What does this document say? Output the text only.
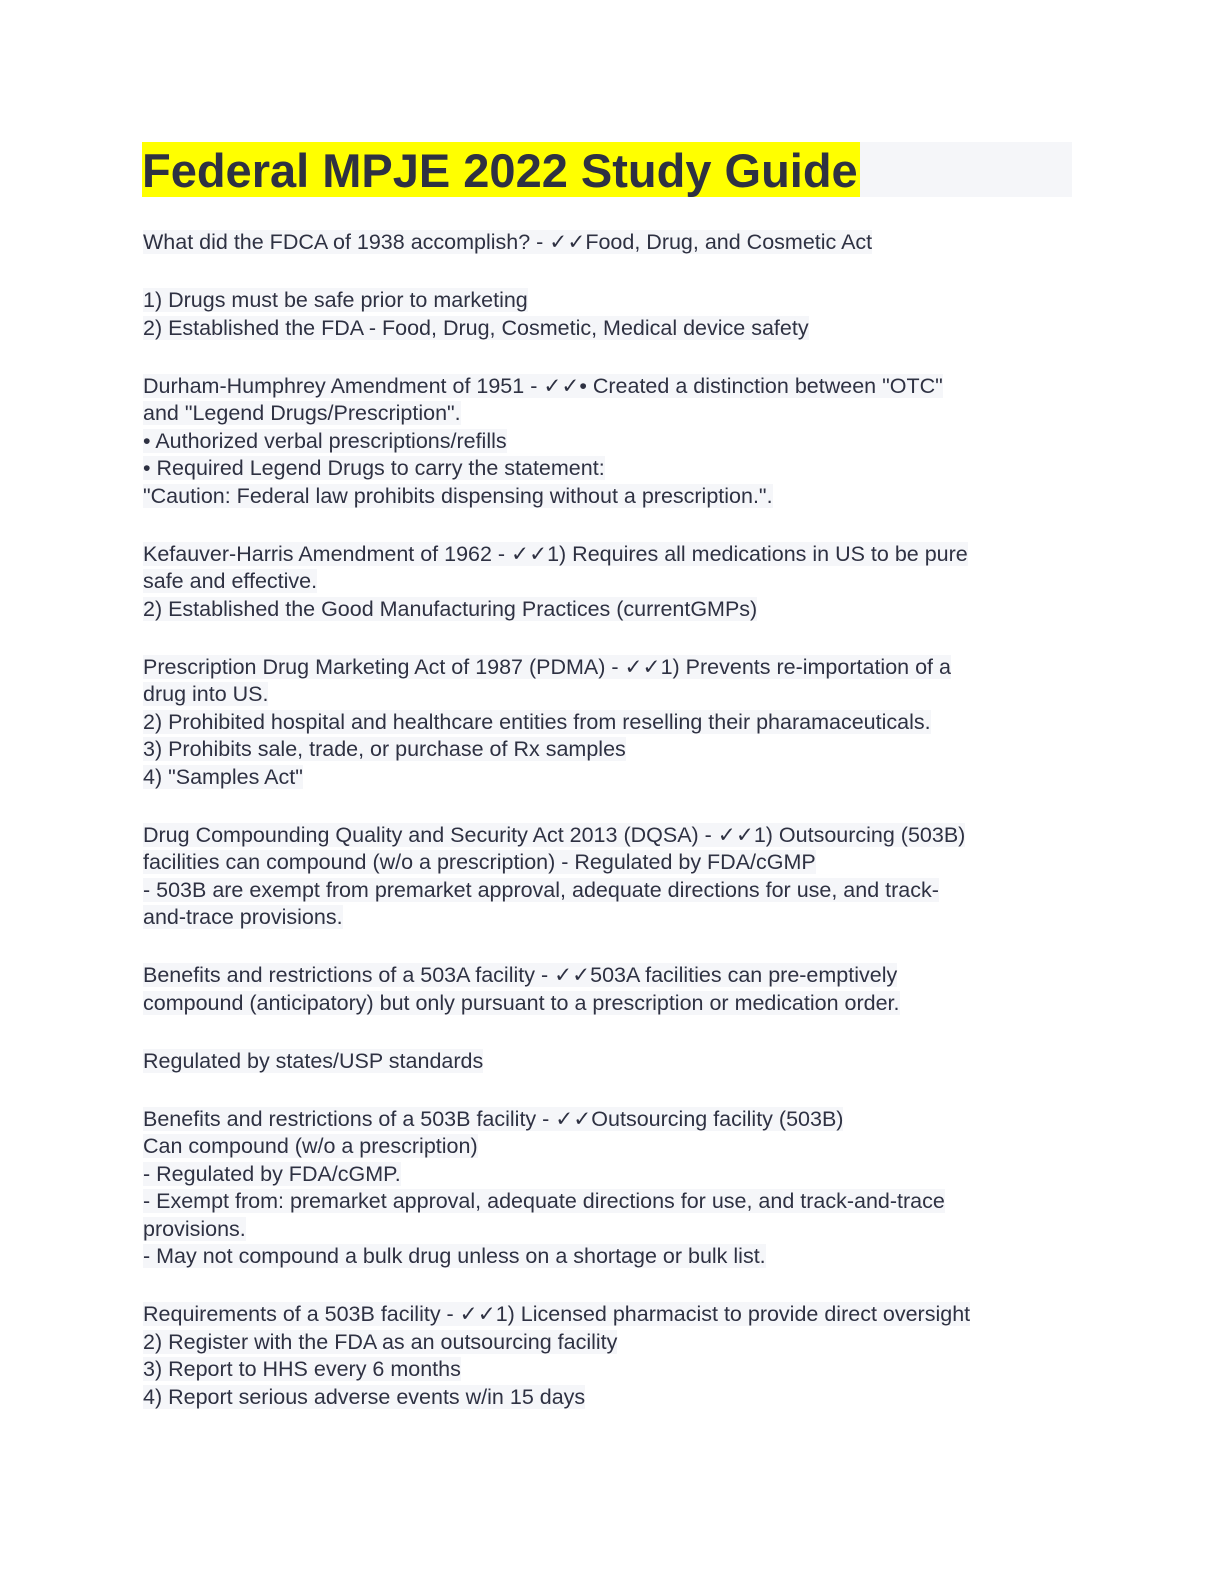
Federal MPJE 2022 Study Guide
What did the FDCA of 1938 accomplish? - ✓✓Food, Drug, and Cosmetic Act
1) Drugs must be safe prior to marketing
2) Established the FDA - Food, Drug, Cosmetic, Medical device safety
Durham-Humphrey Amendment of 1951 - ✓✓• Created a distinction between "OTC"
and "Legend Drugs/Prescription".
• Authorized verbal prescriptions/refills
• Required Legend Drugs to carry the statement:
"Caution: Federal law prohibits dispensing without a prescription.".
Kefauver-Harris Amendment of 1962 - ✓✓1) Requires all medications in US to be pure
safe and effective.
2) Established the Good Manufacturing Practices (currentGMPs)
Prescription Drug Marketing Act of 1987 (PDMA) - ✓✓1) Prevents re-importation of a
drug into US.
2) Prohibited hospital and healthcare entities from reselling their pharamaceuticals.
3) Prohibits sale, trade, or purchase of Rx samples
4) "Samples Act"
Drug Compounding Quality and Security Act 2013 (DQSA) - ✓✓1) Outsourcing (503B)
facilities can compound (w/o a prescription) - Regulated by FDA/cGMP
- 503B are exempt from premarket approval, adequate directions for use, and track-
and-trace provisions.
Benefits and restrictions of a 503A facility - ✓✓503A facilities can pre-emptively
compound (anticipatory) but only pursuant to a prescription or medication order.
Regulated by states/USP standards
Benefits and restrictions of a 503B facility - ✓✓Outsourcing facility (503B)
Can compound (w/o a prescription)
- Regulated by FDA/cGMP.
- Exempt from: premarket approval, adequate directions for use, and track-and-trace
provisions.
- May not compound a bulk drug unless on a shortage or bulk list.
Requirements of a 503B facility - ✓✓1) Licensed pharmacist to provide direct oversight
2) Register with the FDA as an outsourcing facility
3) Report to HHS every 6 months
4) Report serious adverse events w/in 15 days
